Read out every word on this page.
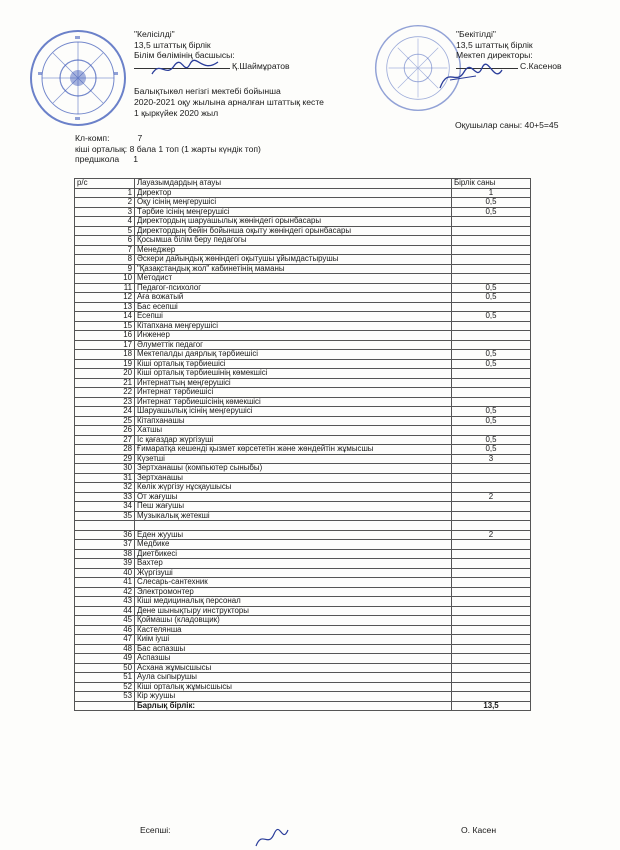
"Келісілді"
13,5 штаттық бірлік
Білім бөлімінің басшысы:
Қ.Шаймұратов
"Бекітілді"
13,5 штаттық бірлік
Мектеп директоры:
С.Касенов
Балықтыкөл негізгі мектебі бойынша
2020-2021 оқу жылына арналған штаттық кесте
1 қыркүйек 2020 жыл
Оқушылар саны: 40+5=45
Кл-комп:	7
кіші орталық: 8 бала 1 топ (1 жарты күндік топ)
предшкола 1
р/с	Лауазымдардың атауы	Бірлік саны
1	Директор	1
2	Оқу ісінің меңгерушісі	0,5
3	Тәрбие ісінің меңгерушісі	0,5
4	Директордың шаруашылық жөніндегі орынбасары	
5	Директордың бейін бойынша оқыту жөніндегі орынбасары	
6	Қосымша білім беру педагогы	
7	Менеджер	
8	Әскери дайындық жөніндегі оқытушы ұйымдастырушы	
9	"Қазақстандық жол" кабинетінің маманы	
10	Методист	
11	Педагог-психолог	0,5
12	Аға вожатый	0,5
13	Бас есепші	
14	Есепші	0,5
15	Кітапхана меңгерушісі	
16	Инженер	
17	Әлуметтік педагог	
18	Мектепалды даярлық тәрбиешісі	0,5
19	Кіші орталық тәрбиешісі	0,5
20	Кіші орталық тәрбиешінің көмекшісі	
21	Интернаттың меңгерушісі	
22	Интернат тәрбиешісі	
23	Интернат тәрбиешісінің көмекшісі	
24	Шаруашылық ісінің меңгерушісі	0,5
25	Кітапханашы	0,5
26	Хатшы	
27	Іс қағаздар жүргізуші	0,5
28	Ғимаратқа кешенді қызмет көрсететін және жөндейтін жұмысшы	0,5
29	Күзетші	3
30	Зертханашы (компьютер сыныбы)	
31	Зертханашы	
32	Көлік жүргізу нұсқаушысы	
33	От жағушы	2
34	Пеш жағушы	
35	Музыкалық жетекші	

36	Еден жуушы	2
37	Медбике	
38	Диетбикесі	
39	Вахтер	
40	Жүргізуші	
41	Слесарь-сантехник	
42	Электромонтер	
43	Кіші медициналық персонал	
44	Дене шынықтыру инструкторы	
45	Қоймашы (кладовщик)	
46	Кастелянша	
47	Киім іуші	
48	Бас аспазшы	
49	Аспазшы	
50	Асхана жұмысшысы	
51	Аула сыпырушы	
52	Кіші орталық жұмысшысы	
53	Кір жуушы	
	Барлық бірлік:	13,5
Есепші:	О. Касен
